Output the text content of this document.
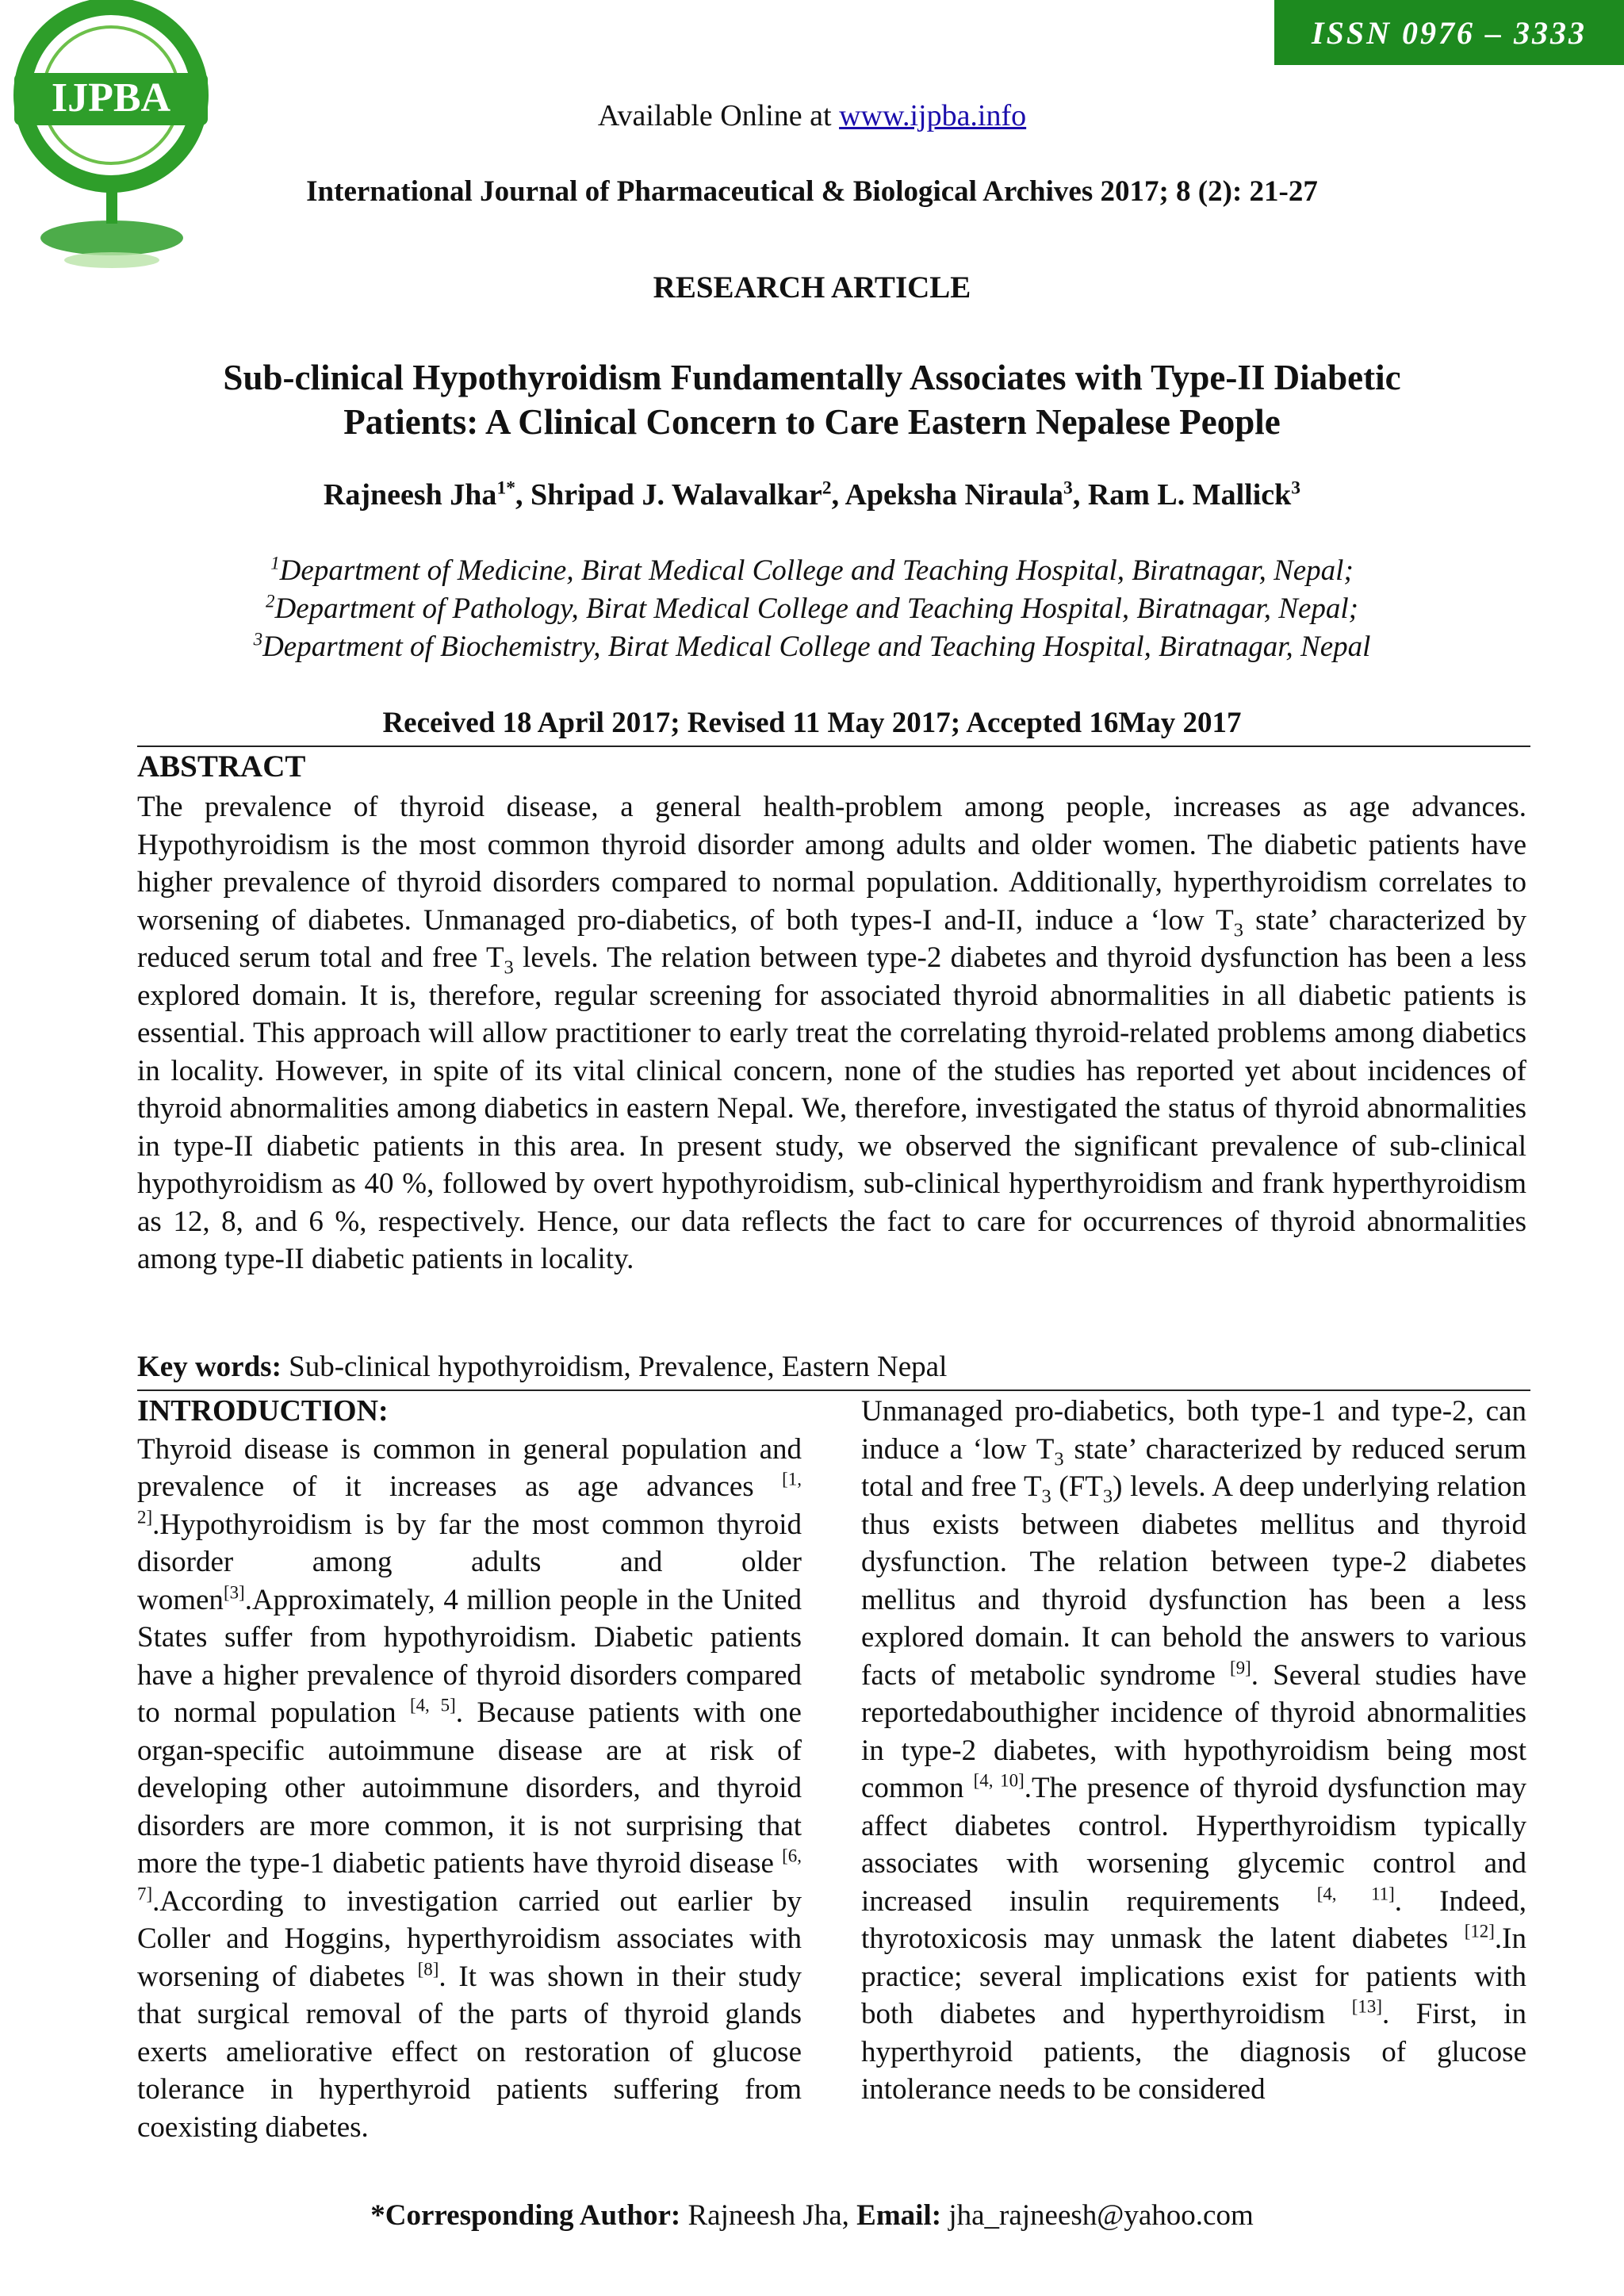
IJPBA
ISSN 0976 – 3333
Available Online at www.ijpba.info
International Journal of Pharmaceutical & Biological Archives 2017; 8 (2): 21-27
RESEARCH ARTICLE
Sub-clinical Hypothyroidism Fundamentally Associates with Type-II Diabetic
Patients: A Clinical Concern to Care Eastern Nepalese People
Rajneesh Jha$^{1*}$, Shripad J. Walavalkar$^2$, Apeksha Niraula$^3$, Ram L. Mallick$^3$
$^1$Department of Medicine, Birat Medical College and Teaching Hospital, Biratnagar, Nepal;
$^2$Department of Pathology, Birat Medical College and Teaching Hospital, Biratnagar, Nepal;
$^3$Department of Biochemistry, Birat Medical College and Teaching Hospital, Biratnagar, Nepal
Received 18 April 2017; Revised 11 May 2017; Accepted 16May 2017
ABSTRACT
The prevalence of thyroid disease, a general health-problem among people, increases as age advances. Hypothyroidism is the most common thyroid disorder among adults and older women. The diabetic patients have higher prevalence of thyroid disorders compared to normal population. Additionally, hyperthyroidism correlates to worsening of diabetes. Unmanaged pro-diabetics, of both types-I and-II, induce a ‘low $T_3$ state’ characterized by reduced serum total and free $T_3$ levels. The relation between type-2 diabetes and thyroid dysfunction has been a less explored domain. It is, therefore, regular screening for associated thyroid abnormalities in all diabetic patients is essential. This approach will allow practitioner to early treat the correlating thyroid-related problems among diabetics in locality. However, in spite of its vital clinical concern, none of the studies has reported yet about incidences of thyroid abnormalities among diabetics in eastern Nepal. We, therefore, investigated the status of thyroid abnormalities in type-II diabetic patients in this area. In present study, we observed the significant prevalence of sub-clinical hypothyroidism as 40 %, followed by overt hypothyroidism, sub-clinical hyperthyroidism and frank hyperthyroidism as 12, 8, and 6 %, respectively. Hence, our data reflects the fact to care for occurrences of thyroid abnormalities among type-II diabetic patients in locality.
Key words: Sub-clinical hypothyroidism, Prevalence, Eastern Nepal
INTRODUCTION:

Thyroid disease is common in general population and prevalence of it increases as age advances [1, 2].Hypothyroidism is by far the most common thyroid disorder among adults and older women[3].Approximately, 4 million people in the United States suffer from hypothyroidism. Diabetic patients have a higher prevalence of thyroid disorders compared to normal population [4, 5]. Because patients with one organ-specific autoimmune disease are at risk of developing other autoimmune disorders, and thyroid disorders are more common, it is not surprising that more the type-1 diabetic patients have thyroid disease [6, 7].According to investigation carried out earlier by Coller and Hoggins, hyperthyroidism associates with worsening of diabetes [8]. It was shown in their study that surgical removal of the parts of thyroid glands exerts ameliorative effect on restoration of glucose tolerance in hyperthyroid patients suffering from coexisting diabetes.

Unmanaged pro-diabetics, both type-1 and type-2, can induce a ‘low $T_3$ state’ characterized by reduced serum total and free $T_3$ $(FT_3)$ levels. A deep underlying relation thus exists between diabetes mellitus and thyroid dysfunction. The relation between type-2 diabetes mellitus and thyroid dysfunction has been a less explored domain. It can behold the answers to various facts of metabolic syndrome [9]. Several studies have reportedabouthigher incidence of thyroid abnormalities in type-2 diabetes, with hypothyroidism being most common [4, 10].The presence of thyroid dysfunction may affect diabetes control. Hyperthyroidism typically associates with worsening glycemic control and increased insulin requirements [4, 11]. Indeed, thyrotoxicosis may unmask the latent diabetes [12].In practice; several implications exist for patients with both diabetes and hyperthyroidism [13]. First, in hyperthyroid patients, the diagnosis of glucose intolerance needs to be considered

*Corresponding Author: Rajneesh Jha, Email: jha_rajneesh@yahoo.com
